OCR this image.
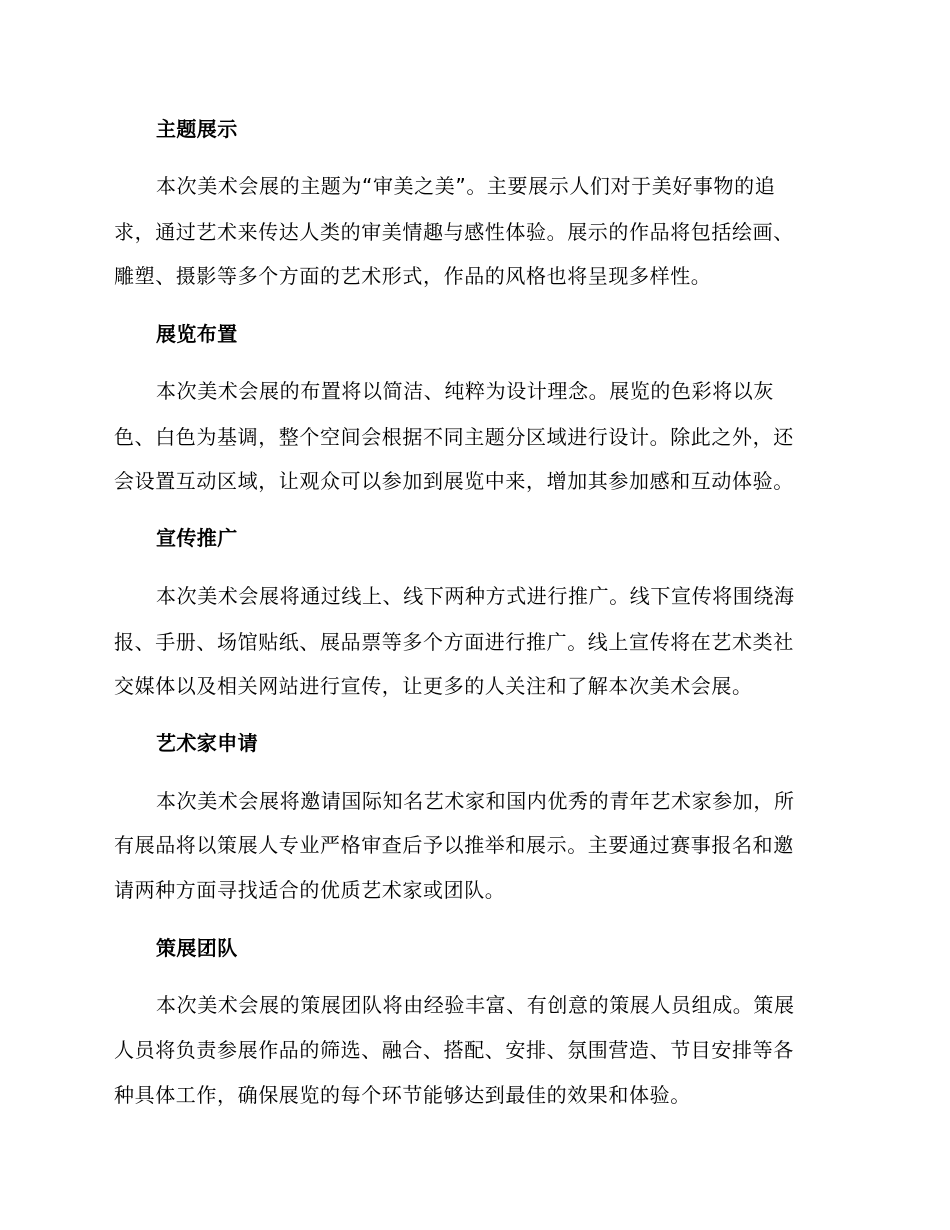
主题展示
本次美术会展的主题为“审美之美”。主要展示人们对于美好事物的追
求，通过艺术来传达人类的审美情趣与感性体验。展示的作品将包括绘画、
雕塑、摄影等多个方面的艺术形式，作品的风格也将呈现多样性。
展览布置
本次美术会展的布置将以简洁、纯粹为设计理念。展览的色彩将以灰
色、白色为基调，整个空间会根据不同主题分区域进行设计。除此之外，还
会设置互动区域，让观众可以参加到展览中来，增加其参加感和互动体验。
宣传推广
本次美术会展将通过线上、线下两种方式进行推广。线下宣传将围绕海
报、手册、场馆贴纸、展品票等多个方面进行推广。线上宣传将在艺术类社
交媒体以及相关网站进行宣传，让更多的人关注和了解本次美术会展。
艺术家申请
本次美术会展将邀请国际知名艺术家和国内优秀的青年艺术家参加，所
有展品将以策展人专业严格审查后予以推举和展示。主要通过赛事报名和邀
请两种方面寻找适合的优质艺术家或团队。
策展团队
本次美术会展的策展团队将由经验丰富、有创意的策展人员组成。策展
人员将负责参展作品的筛选、融合、搭配、安排、氛围营造、节目安排等各
种具体工作，确保展览的每个环节能够达到最佳的效果和体验。
